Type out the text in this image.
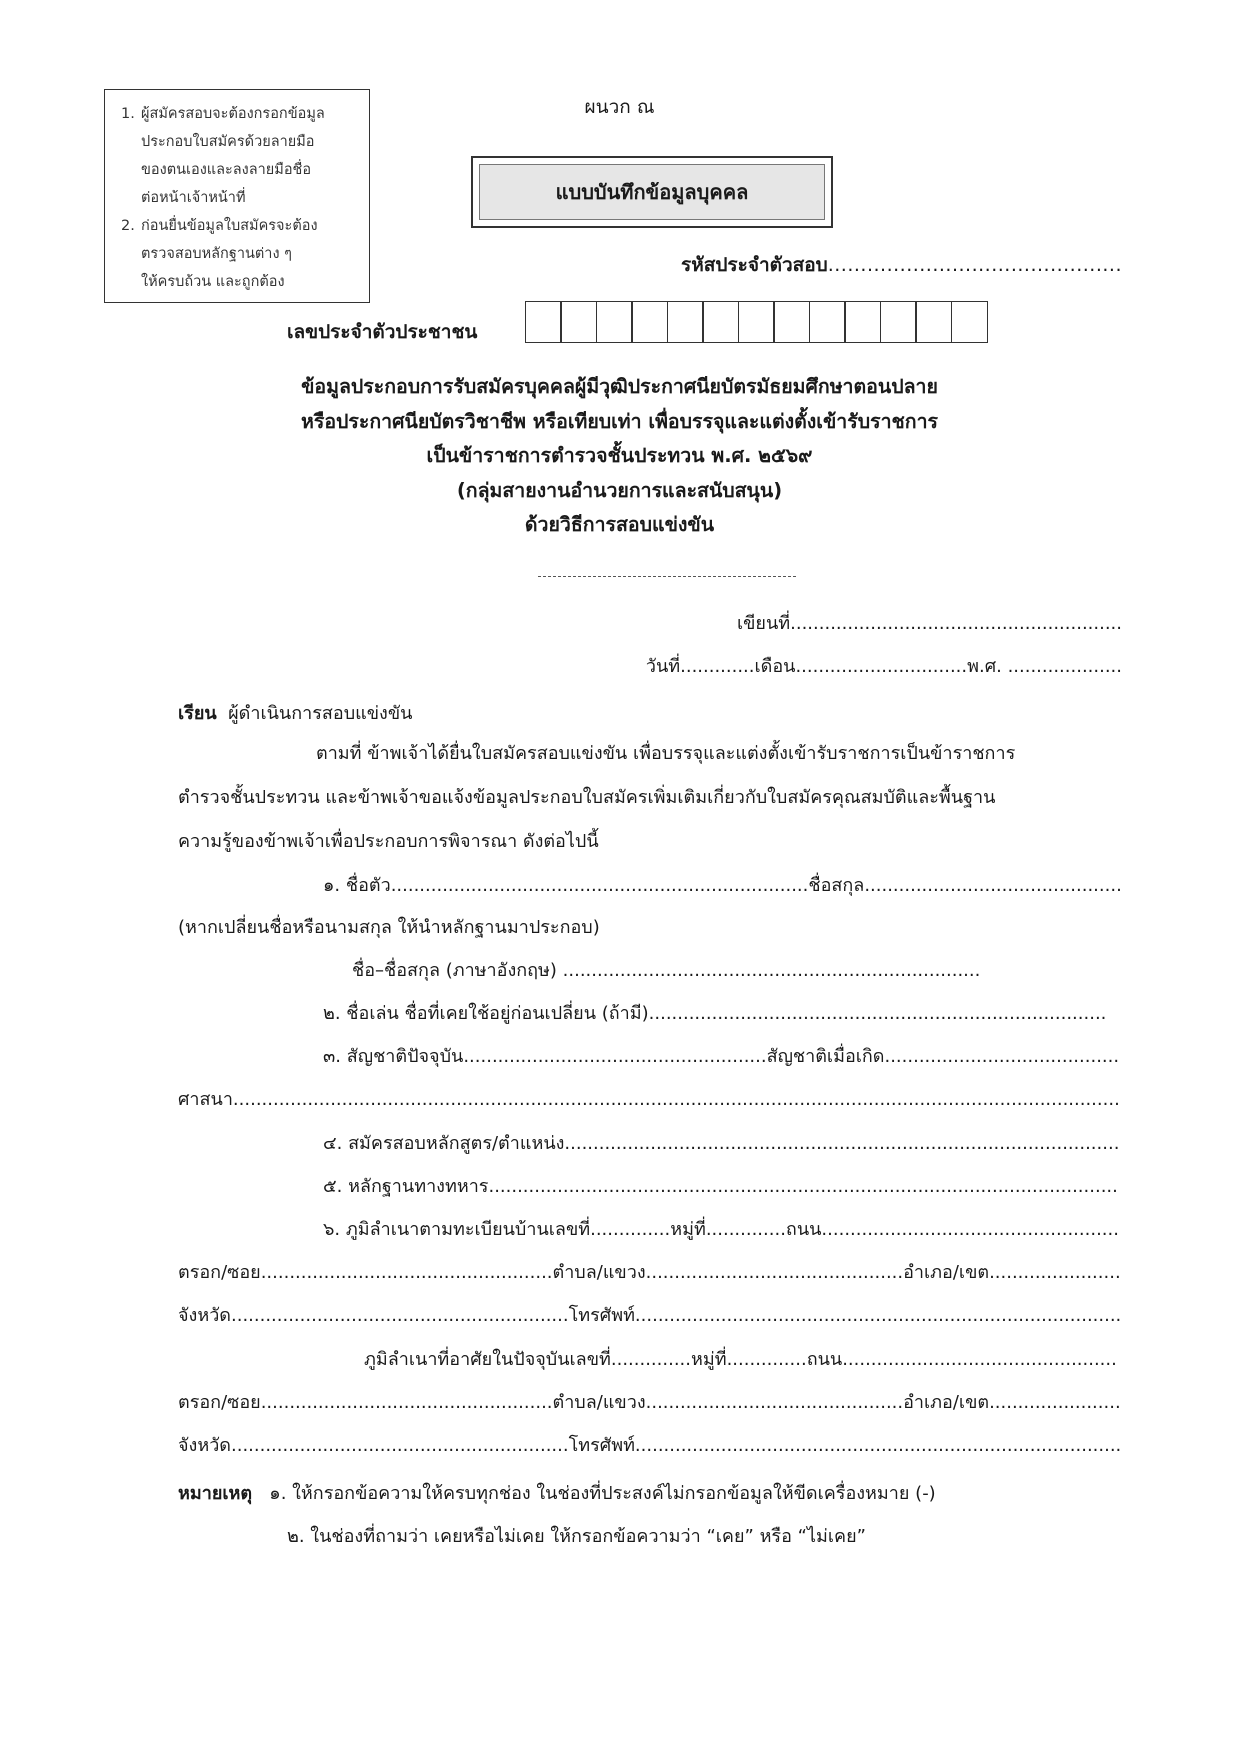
1. ผู้สมัครสอบจะต้องกรอกข้อมูล
ประกอบใบสมัครด้วยลายมือ
ของตนเองและลงลายมือชื่อ
ต่อหน้าเจ้าหน้าที่
2. ก่อนยื่นข้อมูลใบสมัครจะต้อง
ตรวจสอบหลักฐานต่าง ๆ
ให้ครบถ้วน และถูกต้อง
ผนวก ณ
แบบบันทึกข้อมูลบุคคล
รหัสประจำตัวสอบ.............................................
เลขประจำตัวประชาชน
ข้อมูลประกอบการรับสมัครบุคคลผู้มีวุฒิประกาศนียบัตรมัธยมศึกษาตอนปลาย
หรือประกาศนียบัตรวิชาชีพ หรือเทียบเท่า เพื่อบรรจุและแต่งตั้งเข้ารับราชการ
เป็นข้าราชการตำรวจชั้นประทวน พ.ศ. ๒๕๖๙
(กลุ่มสายงานอำนวยการและสนับสนุน)
ด้วยวิธีการสอบแข่งขัน
เขียนที่..........................................................
วันที่.............เดือน..............................พ.ศ. ....................
เรียน ผู้ดำเนินการสอบแข่งขัน
ตามที่ ข้าพเจ้าได้ยื่นใบสมัครสอบแข่งขัน เพื่อบรรจุและแต่งตั้งเข้ารับราชการเป็นข้าราชการ
ตำรวจชั้นประทวน และข้าพเจ้าขอแจ้งข้อมูลประกอบใบสมัครเพิ่มเติมเกี่ยวกับใบสมัครคุณสมบัติและพื้นฐาน
ความรู้ของข้าพเจ้าเพื่อประกอบการพิจารณา ดังต่อไปนี้
๑. ชื่อตัว.........................................................................ชื่อสกุล.............................................
(หากเปลี่ยนชื่อหรือนามสกุล ให้นำหลักฐานมาประกอบ)
ชื่อ–ชื่อสกุล (ภาษาอังกฤษ) .........................................................................
๒. ชื่อเล่น ชื่อที่เคยใช้อยู่ก่อนเปลี่ยน (ถ้ามี)................................................................................
๓. สัญชาติปัจจุบัน.....................................................สัญชาติเมื่อเกิด.........................................
ศาสนา...........................................................................................................................................................
๔. สมัครสอบหลักสูตร/ตำแหน่ง.................................................................................................
๕. หลักฐานทางทหาร..............................................................................................................
๖. ภูมิลำเนาตามทะเบียนบ้านเลขที่..............หมู่ที่..............ถนน....................................................
ตรอก/ซอย...................................................ตำบล/แขวง.............................................อำเภอ/เขต.......................
จังหวัด...........................................................โทรศัพท์.....................................................................................
ภูมิลำเนาที่อาศัยในปัจจุบันเลขที่..............หมู่ที่..............ถนน................................................
ตรอก/ซอย...................................................ตำบล/แขวง.............................................อำเภอ/เขต.......................
จังหวัด...........................................................โทรศัพท์.....................................................................................
หมายเหตุ ๑. ให้กรอกข้อความให้ครบทุกช่อง ในช่องที่ประสงค์ไม่กรอกข้อมูลให้ขีดเครื่องหมาย (-)
๒. ในช่องที่ถามว่า เคยหรือไม่เคย ให้กรอกข้อความว่า “เคย” หรือ “ไม่เคย”
